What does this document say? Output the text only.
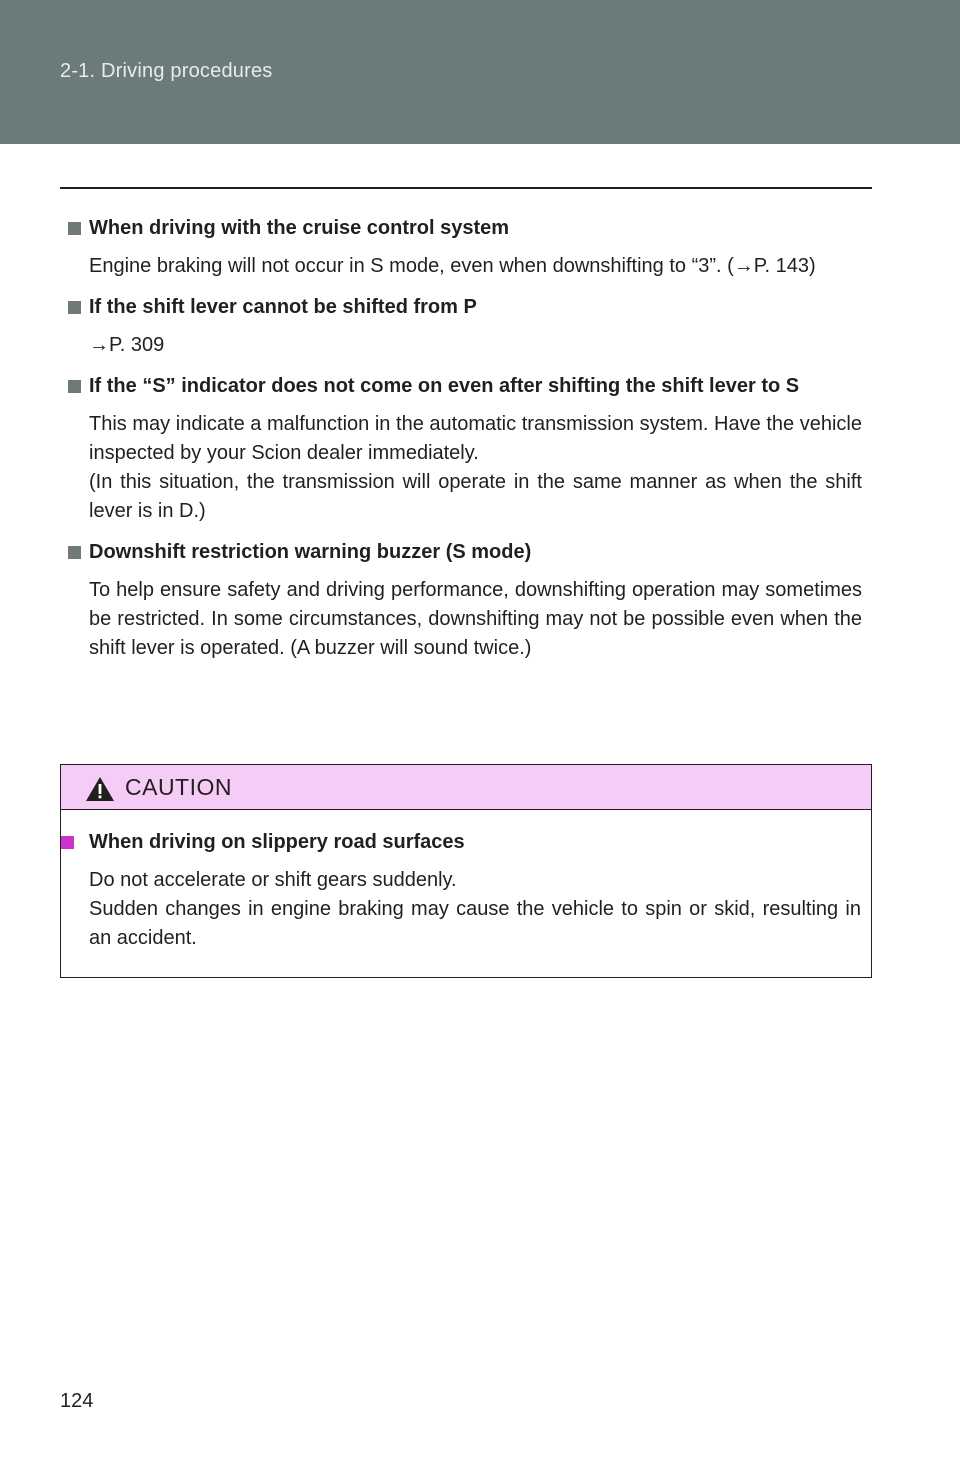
2-1. Driving procedures
When driving with the cruise control system

Engine braking will not occur in S mode, even when downshifting to “3”. (→P. 143)

If the shift lever cannot be shifted from P

→P. 309

If the “S” indicator does not come on even after shifting the shift lever to S

This may indicate a malfunction in the automatic transmission system. Have the vehicle inspected by your Scion dealer immediately.

(In this situation, the transmission will operate in the same manner as when the shift lever is in D.)

Downshift restriction warning buzzer (S mode)

To help ensure safety and driving performance, downshifting operation may sometimes be restricted. In some circumstances, downshifting may not be possible even when the shift lever is operated. (A buzzer will sound twice.)

CAUTION
When driving on slippery road surfaces

Do not accelerate or shift gears suddenly.

Sudden changes in engine braking may cause the vehicle to spin or skid, resulting in an accident.

124
